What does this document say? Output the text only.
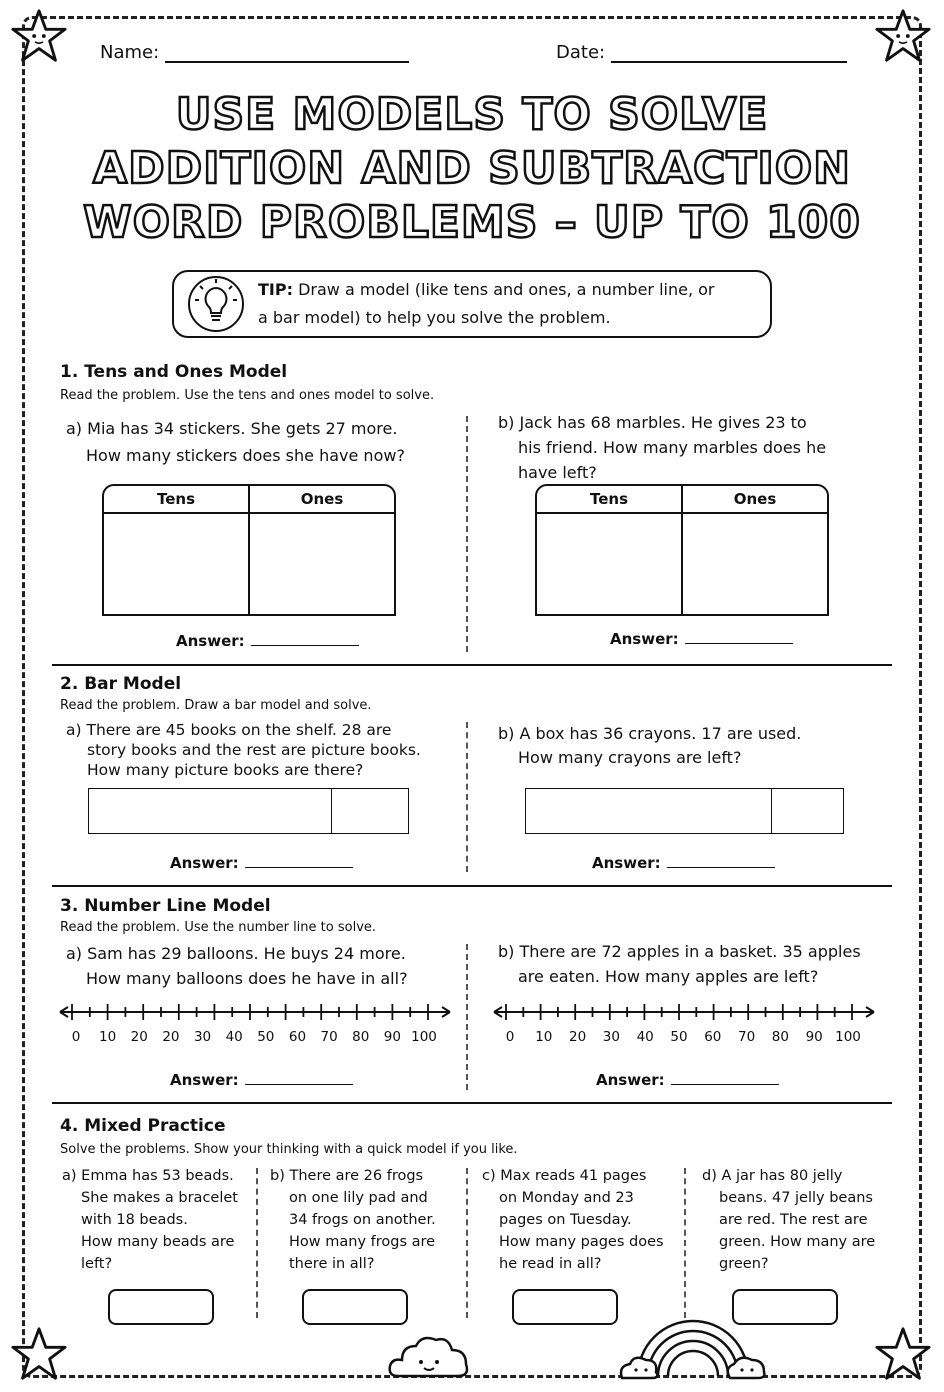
Name:	Date:
USE MODELS TO SOLVE
ADDITION AND SUBTRACTION
WORD PROBLEMS – UP TO 100
TIP: Draw a model (like tens and ones, a number line, or
a bar model) to help you solve the problem.
1. Tens and Ones Model
Read the problem. Use the tens and ones model to solve.
a) Mia has 34 stickers. She gets 27 more.
How many stickers does she have now?
b) Jack has 68 marbles. He gives 23 to
his friend. How many marbles does he
have left?
Tens	Ones	Tens	Ones
Answer:	Answer:
2. Bar Model
Read the problem. Draw a bar model and solve.
a) There are 45 books on the shelf. 28 are
story books and the rest are picture books.
How many picture books are there?
b) A box has 36 crayons. 17 are used.
How many crayons are left?
Answer:	Answer:
3. Number Line Model
Read the problem. Use the number line to solve.
a) Sam has 29 balloons. He buys 24 more.
How many balloons does he have in all?
b) There are 72 apples in a basket. 35 apples
are eaten. How many apples are left?
0 10 20 20 30 40 50 60 70 80 90 100	0 10 20 30 40 50 60 70 80 90 100
Answer:	Answer:
4. Mixed Practice
Solve the problems. Show your thinking with a quick model if you like.
a) Emma has 53 beads.
She makes a bracelet
with 18 beads.
How many beads are
left?
b) There are 26 frogs
on one lily pad and
34 frogs on another.
How many frogs are
there in all?
c) Max reads 41 pages
on Monday and 23
pages on Tuesday.
How many pages does
he read in all?
d) A jar has 80 jelly
beans. 47 jelly beans
are red. The rest are
green. How many are
green?
